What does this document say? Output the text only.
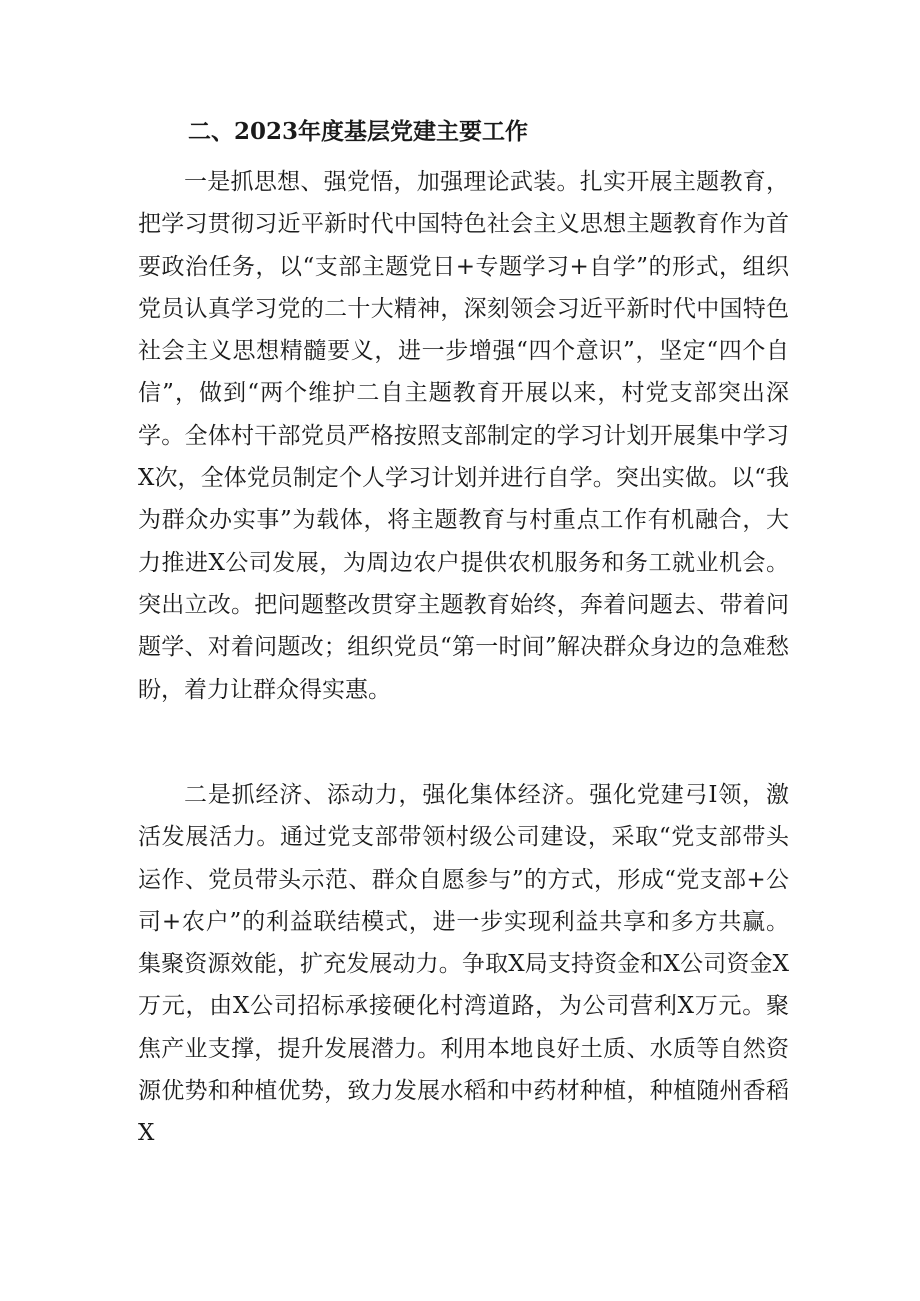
二、2023年度基层党建主要工作

一是抓思想、强党悟，加强理论武装。扎实开展主题教育，把学习贯彻习近平新时代中国特色社会主义思想主题教育作为首要政治任务，以“支部主题党日+专题学习+自学”的形式，组织党员认真学习党的二十大精神，深刻领会习近平新时代中国特色社会主义思想精髓要义，进一步增强“四个意识”，坚定“四个自信”，做到“两个维护二自主题教育开展以来，村党支部突出深学。全体村干部党员严格按照支部制定的学习计划开展集中学习X次，全体党员制定个人学习计划并进行自学。突出实做。以“我为群众办实事”为载体，将主题教育与村重点工作有机融合，大力推进X公司发展，为周边农户提供农机服务和务工就业机会。突出立改。把问题整改贯穿主题教育始终，奔着问题去、带着问题学、对着问题改；组织党员“第一时间”解决群众身边的急难愁盼，着力让群众得实惠。

二是抓经济、添动力，强化集体经济。强化党建弓I领，激活发展活力。通过党支部带领村级公司建设，采取“党支部带头运作、党员带头示范、群众自愿参与”的方式，形成“党支部+公司+农户”的利益联结模式，进一步实现利益共享和多方共赢。集聚资源效能，扩充发展动力。争取X局支持资金和X公司资金X万元，由X公司招标承接硬化村湾道路，为公司营利X万元。聚焦产业支撑，提升发展潜力。利用本地良好土质、水质等自然资源优势和种植优势，致力发展水稻和中药材种植，种植随州香稻X
